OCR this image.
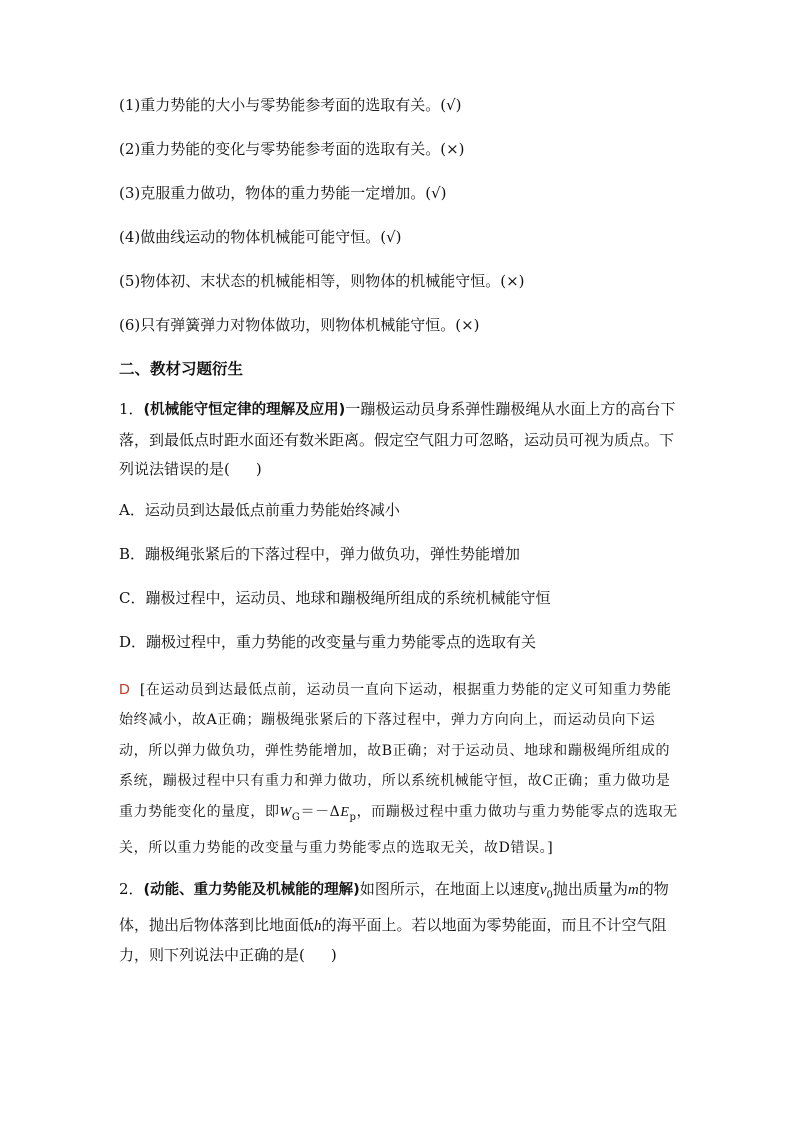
(1)重力势能的大小与零势能参考面的选取有关。(√)
(2)重力势能的变化与零势能参考面的选取有关。(×)
(3)克服重力做功，物体的重力势能一定增加。(√)
(4)做曲线运动的物体机械能可能守恒。(√)
(5)物体初、末状态的机械能相等，则物体的机械能守恒。(×)
(6)只有弹簧弹力对物体做功，则物体机械能守恒。(×)
二、教材习题衍生
1．(机械能守恒定律的理解及应用)一蹦极运动员身系弹性蹦极绳从水面上方的高台下落，到最低点时距水面还有数米距离。假定空气阻力可忽略，运动员可视为质点。下列说法错误的是( )
A．运动员到达最低点前重力势能始终减小
B．蹦极绳张紧后的下落过程中，弹力做负功，弹性势能增加
C．蹦极过程中，运动员、地球和蹦极绳所组成的系统机械能守恒
D．蹦极过程中，重力势能的改变量与重力势能零点的选取有关
D [在运动员到达最低点前，运动员一直向下运动，根据重力势能的定义可知重力势能始终减小，故A正确；蹦极绳张紧后的下落过程中，弹力方向向上，而运动员向下运动，所以弹力做负功，弹性势能增加，故B正确；对于运动员、地球和蹦极绳所组成的系统，蹦极过程中只有重力和弹力做功，所以系统机械能守恒，故C正确；重力做功是重力势能变化的量度，即$W_G=-\Delta E_p$，而蹦极过程中重力做功与重力势能零点的选取无关，所以重力势能的改变量与重力势能零点的选取无关，故D错误。]
2．(动能、重力势能及机械能的理解)如图所示，在地面上以速度$v_0$抛出质量为m的物体，抛出后物体落到比地面低h的海平面上。若以地面为零势能面，而且不计空气阻力，则下列说法中正确的是( )
